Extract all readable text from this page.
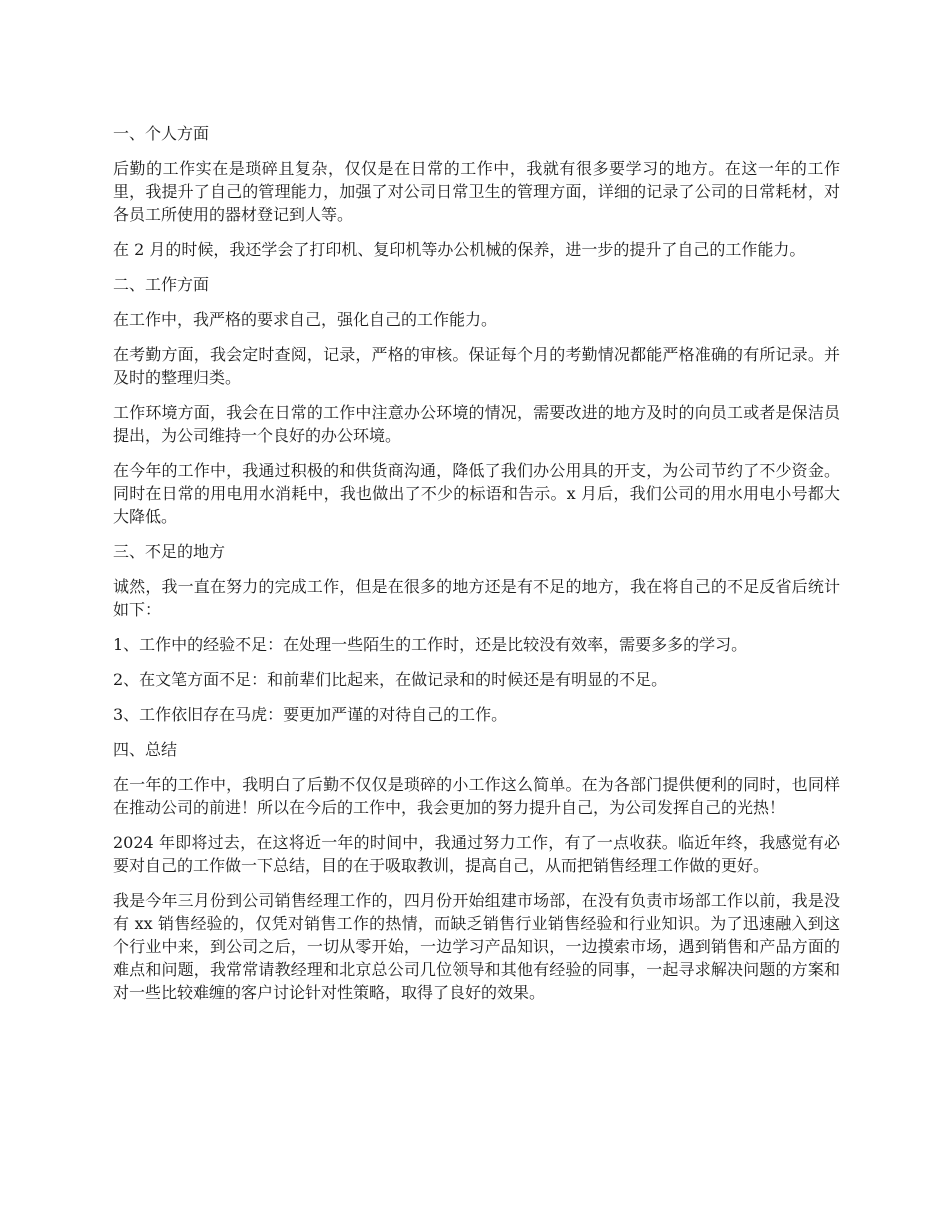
一、个人方面

后勤的工作实在是琐碎且复杂，仅仅是在日常的工作中，我就有很多要学习的地方。在这一年的工作里，我提升了自己的管理能力，加强了对公司日常卫生的管理方面，详细的记录了公司的日常耗材，对各员工所使用的器材登记到人等。

在 2 月的时候，我还学会了打印机、复印机等办公机械的保养，进一步的提升了自己的工作能力。

二、工作方面

在工作中，我严格的要求自己，强化自己的工作能力。

在考勤方面，我会定时查阅，记录，严格的审核。保证每个月的考勤情况都能严格准确的有所记录。并及时的整理归类。

工作环境方面，我会在日常的工作中注意办公环境的情况，需要改进的地方及时的向员工或者是保洁员提出，为公司维持一个良好的办公环境。

在今年的工作中，我通过积极的和供货商沟通，降低了我们办公用具的开支，为公司节约了不少资金。同时在日常的用电用水消耗中，我也做出了不少的标语和告示。x 月后，我们公司的用水用电小号都大大降低。

三、不足的地方

诚然，我一直在努力的完成工作，但是在很多的地方还是有不足的地方，我在将自己的不足反省后统计如下：

1、工作中的经验不足：在处理一些陌生的工作时，还是比较没有效率，需要多多的学习。

2、在文笔方面不足：和前辈们比起来，在做记录和的时候还是有明显的不足。

3、工作依旧存在马虎：要更加严谨的对待自己的工作。

四、总结

在一年的工作中，我明白了后勤不仅仅是琐碎的小工作这么简单。在为各部门提供便利的同时，也同样在推动公司的前进！所以在今后的工作中，我会更加的努力提升自己，为公司发挥自己的光热！

2024 年即将过去，在这将近一年的时间中，我通过努力工作，有了一点收获。临近年终，我感觉有必要对自己的工作做一下总结，目的在于吸取教训，提高自己，从而把销售经理工作做的更好。

我是今年三月份到公司销售经理工作的，四月份开始组建市场部，在没有负责市场部工作以前，我是没有 xx 销售经验的，仅凭对销售工作的热情，而缺乏销售行业销售经验和行业知识。为了迅速融入到这个行业中来，到公司之后，一切从零开始，一边学习产品知识，一边摸索市场，遇到销售和产品方面的难点和问题，我常常请教经理和北京总公司几位领导和其他有经验的同事，一起寻求解决问题的方案和对一些比较难缠的客户讨论针对性策略，取得了良好的效果。
